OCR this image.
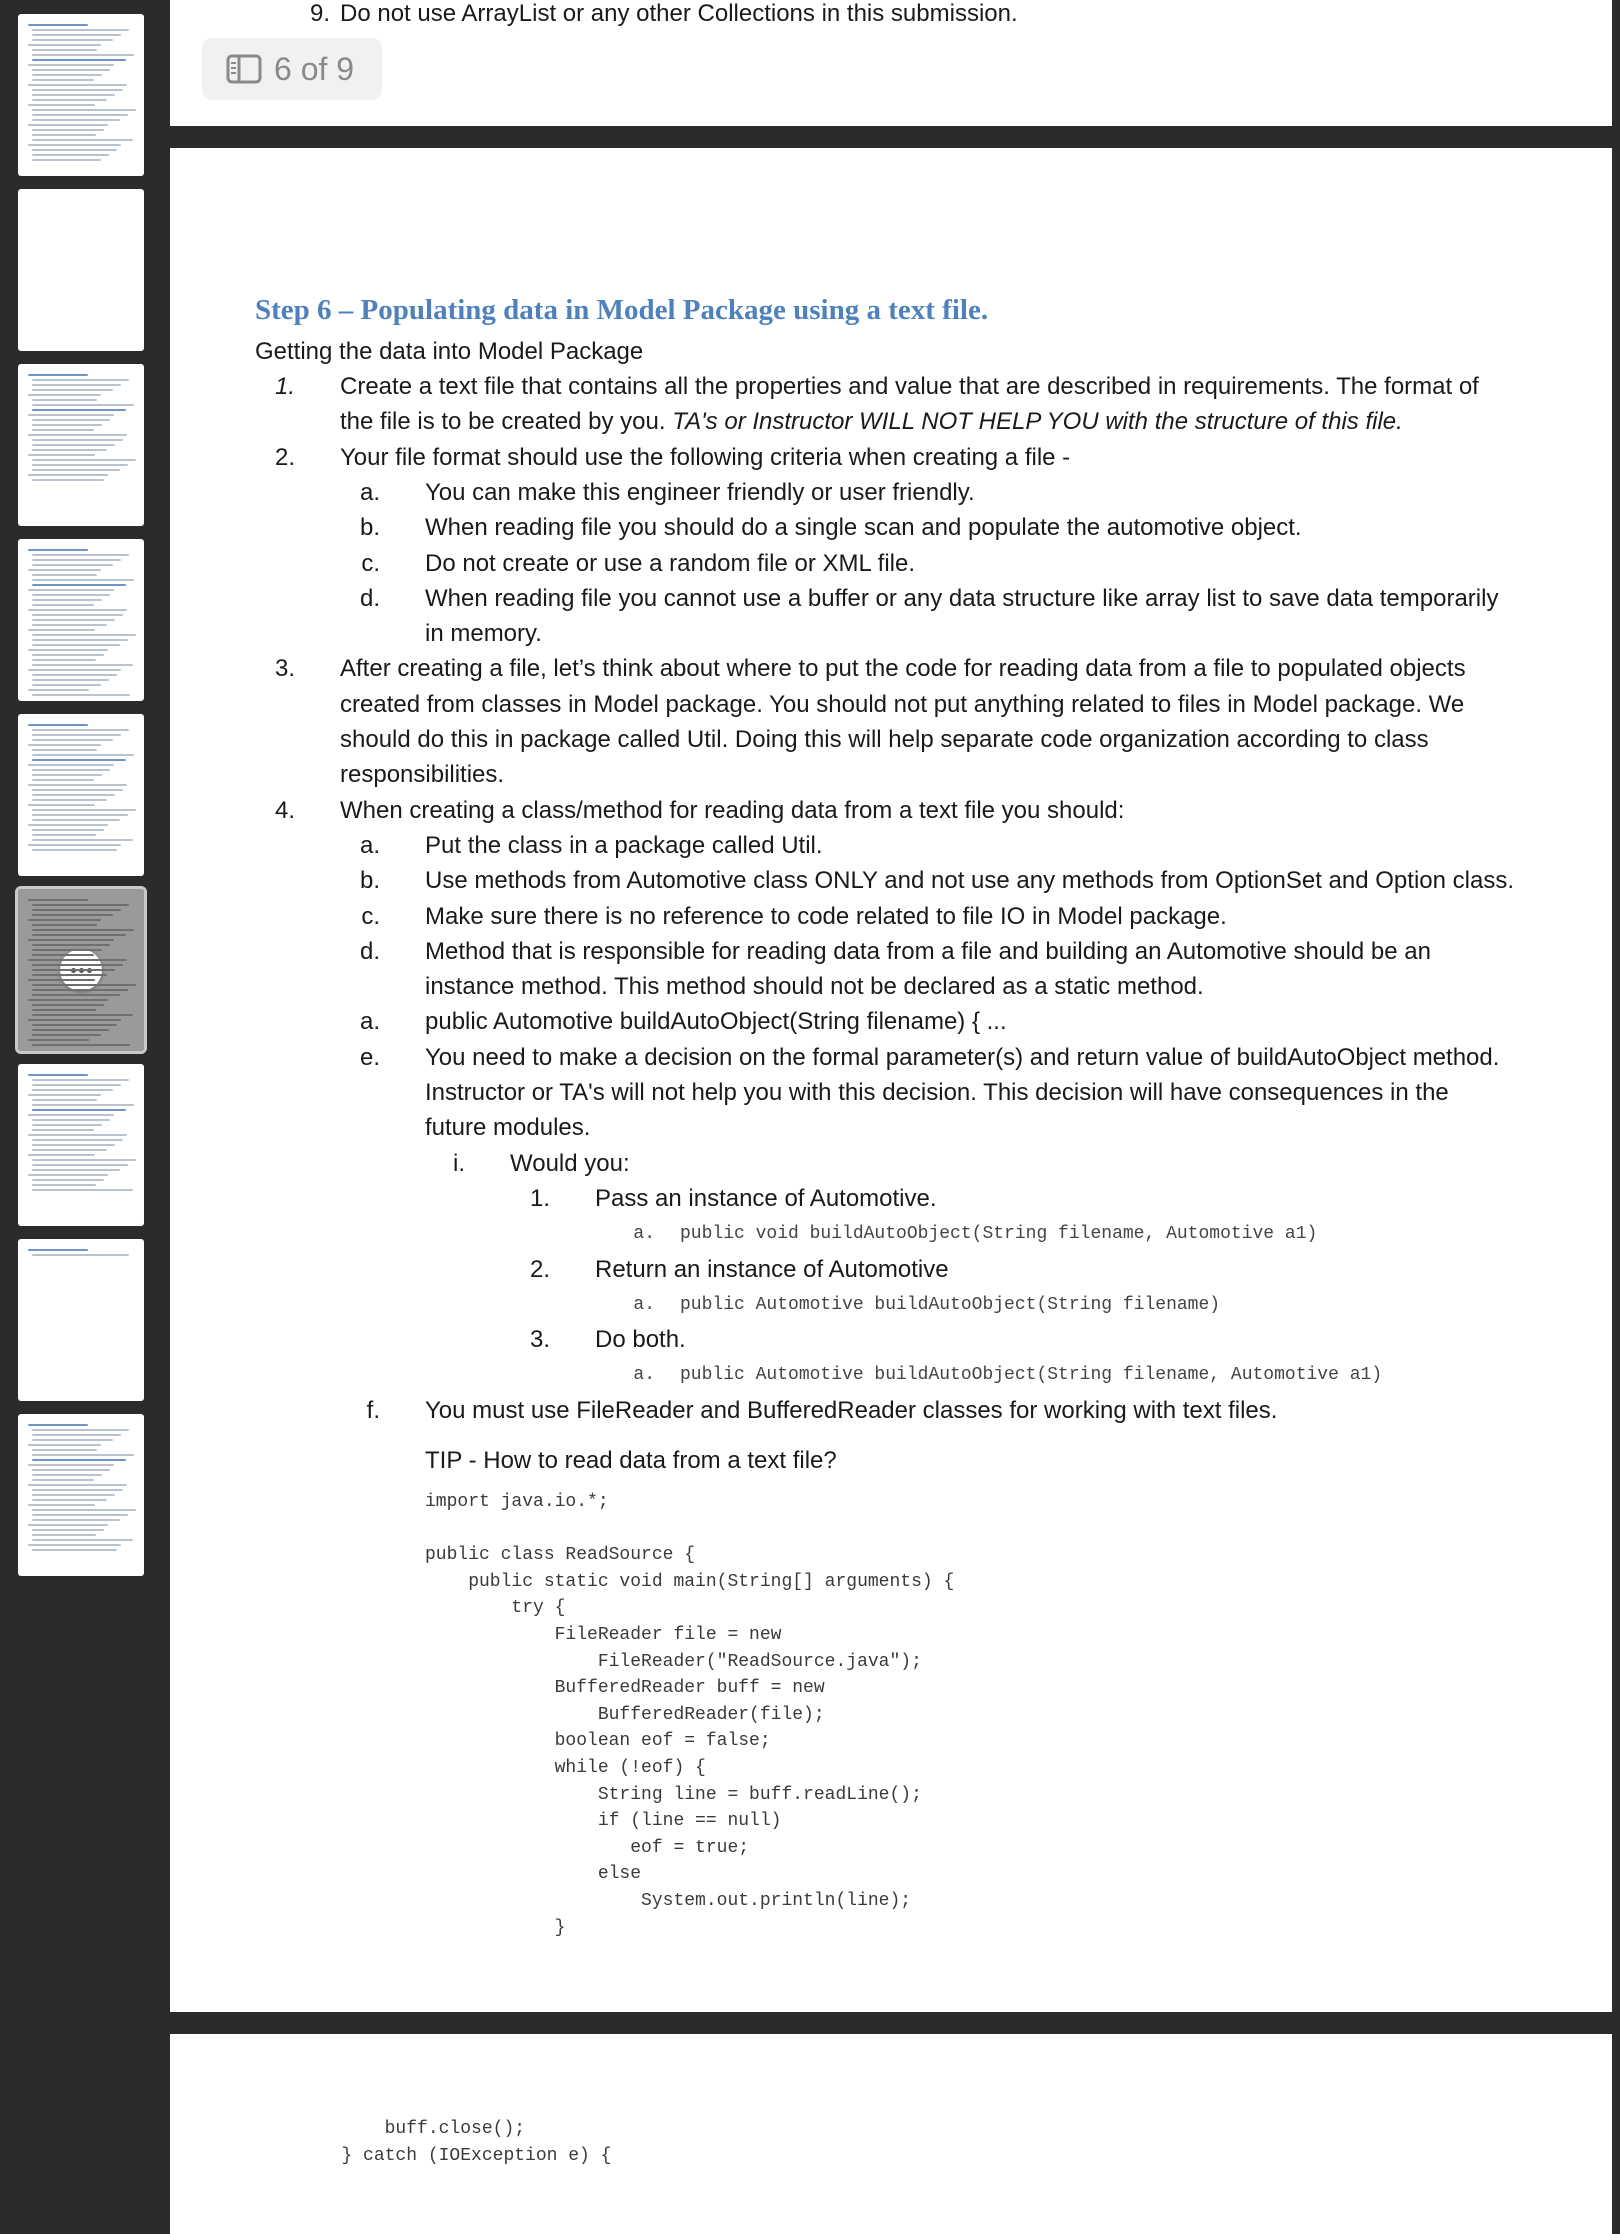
9. Do not use ArrayList or any other Collections in this submission.
6 of 9
Step 6 – Populating data in Model Package using a text file.
Getting the data into Model Package
1. Create a text file that contains all the properties and value that are described in requirements. The format of
the file is to be created by you. TA's or Instructor WILL NOT HELP YOU with the structure of this file.
2. Your file format should use the following criteria when creating a file -
a. You can make this engineer friendly or user friendly.
b. When reading file you should do a single scan and populate the automotive object.
c. Do not create or use a random file or XML file.
d. When reading file you cannot use a buffer or any data structure like array list to save data temporarily
in memory.
3. After creating a file, let’s think about where to put the code for reading data from a file to populated objects
created from classes in Model package. You should not put anything related to files in Model package. We
should do this in package called Util. Doing this will help separate code organization according to class
responsibilities.
4. When creating a class/method for reading data from a text file you should:
a. Put the class in a package called Util.
b. Use methods from Automotive class ONLY and not use any methods from OptionSet and Option class.
c. Make sure there is no reference to code related to file IO in Model package.
d. Method that is responsible for reading data from a file and building an Automotive should be an
instance method. This method should not be declared as a static method.
a. public Automotive buildAutoObject(String filename) { ...
e. You need to make a decision on the formal parameter(s) and return value of buildAutoObject method.
Instructor or TA's will not help you with this decision. This decision will have consequences in the
future modules.
i. Would you:
1. Pass an instance of Automotive.
a. public void buildAutoObject(String filename, Automotive a1)
2. Return an instance of Automotive
a. public Automotive buildAutoObject(String filename)
3. Do both.
a. public Automotive buildAutoObject(String filename, Automotive a1)
f. You must use FileReader and BufferedReader classes for working with text files.
TIP - How to read data from a text file?
import java.io.*;

public class ReadSource {
public static void main(String[] arguments) {
try {
FileReader file = new
FileReader("ReadSource.java");
BufferedReader buff = new
BufferedReader(file);
boolean eof = false;
while (!eof) {
String line = buff.readLine();
if (line == null)
eof = true;
else
System.out.println(line);
}
buff.close();
} catch (IOException e) {
